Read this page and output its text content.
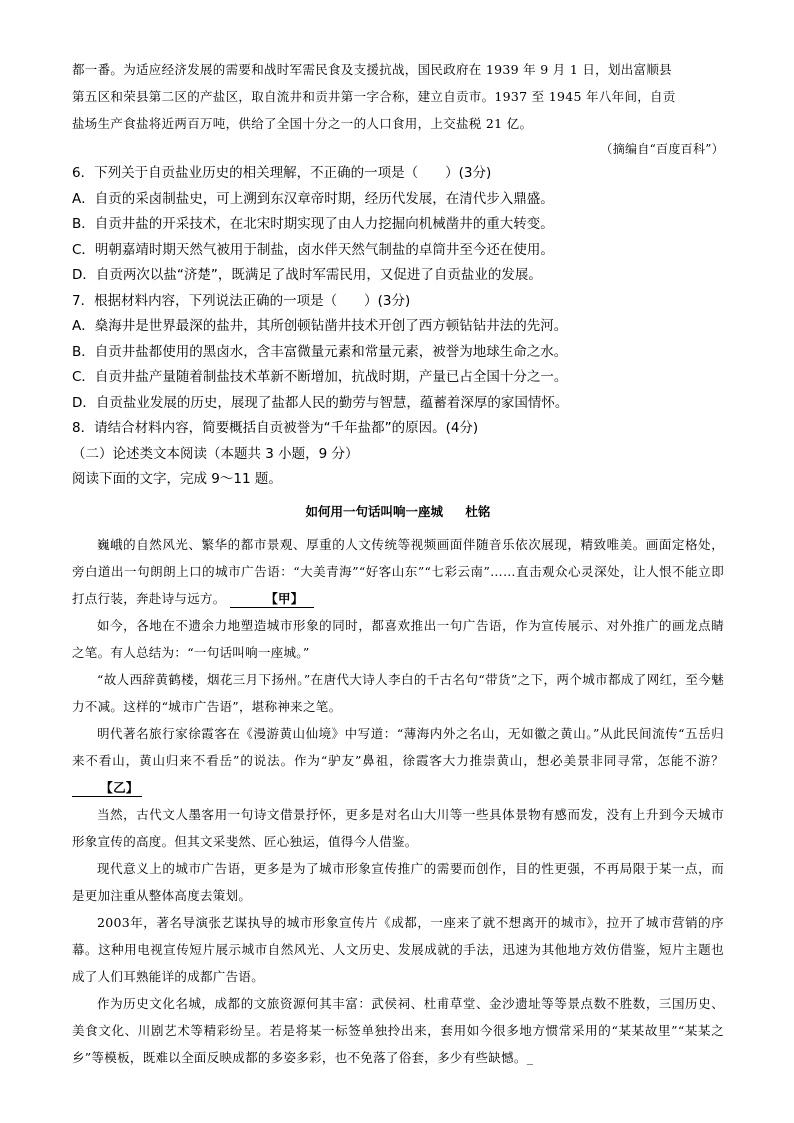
都一番。为适应经济发展的需要和战时军需民食及支援抗战，国民政府在 1939 年 9 月 1 日，划出富顺县

第五区和荣县第二区的产盐区，取自流井和贡井第一字合称，建立自贡市。1937 至 1945 年八年间，自贡

盐场生产食盐将近两百万吨，供给了全国十分之一的人口食用，上交盐税 21 亿。

（摘编自“百度百科”）

6．下列关于自贡盐业历史的相关理解，不正确的一项是（　　）(3分)

A．自贡的采卤制盐史，可上溯到东汉章帝时期，经历代发展，在清代步入鼎盛。

B．自贡井盐的开采技术，在北宋时期实现了由人力挖掘向机械凿井的重大转变。

C．明朝嘉靖时期天然气被用于制盐，卤水伴天然气制盐的卓筒井至今还在使用。

D．自贡两次以盐“济楚”，既满足了战时军需民用，又促进了自贡盐业的发展。

7．根据材料内容，下列说法正确的一项是（　　）(3分)

A．燊海井是世界最深的盐井，其所创顿钻凿井技术开创了西方顿钻钻井法的先河。

B．自贡井盐都使用的黑卤水，含丰富微量元素和常量元素，被誉为地球生命之水。

C．自贡井盐产量随着制盐技术革新不断增加，抗战时期，产量已占全国十分之一。

D．自贡盐业发展的历史，展现了盐都人民的勤劳与智慧，蕴蓄着深厚的家国情怀。

8．请结合材料内容，简要概括自贡被誉为“千年盐都”的原因。(4分)

（二）论述类文本阅读（本题共 3 小题，9 分）

阅读下面的文字，完成 9～11 题。

如何用一句话叫响一座城 杜铭

巍峨的自然风光、繁华的都市景观、厚重的人文传统等视频画面伴随音乐依次展现，精致唯美。画面定格处，旁白道出一句朗朗上口的城市广告语：“大美青海”“好客山东”“七彩云南”……直击观众心灵深处，让人恨不能立即打点行装，奔赴诗与远方。	【甲】

如今，各地在不遗余力地塑造城市形象的同时，都喜欢推出一句广告语，作为宣传展示、对外推广的画龙点睛之笔。有人总结为：“一句话叫响一座城。”

“故人西辞黄鹤楼，烟花三月下扬州。”在唐代大诗人李白的千古名句“带货”之下，两个城市都成了网红，至今魅力不减。这样的“城市广告语”，堪称神来之笔。

明代著名旅行家徐霞客在《漫游黄山仙境》中写道：“薄海内外之名山，无如徽之黄山。”从此民间流传“五岳归来不看山，黄山归来不看岳”的说法。作为“驴友”鼻祖，徐霞客大力推崇黄山，想必美景非同寻常，怎能不游？ 【乙】

当然，古代文人墨客用一句诗文借景抒怀，更多是对名山大川等一些具体景物有感而发，没有上升到今天城市形象宣传的高度。但其文采斐然、匠心独运，值得今人借鉴。

现代意义上的城市广告语，更多是为了城市形象宣传推广的需要而创作，目的性更强，不再局限于某一点，而是更加注重从整体高度去策划。

2003年，著名导演张艺谋执导的城市形象宣传片《成都，一座来了就不想离开的城市》，拉开了城市营销的序幕。这种用电视宣传短片展示城市自然风光、人文历史、发展成就的手法，迅速为其他地方效仿借鉴，短片主题也成了人们耳熟能详的成都广告语。

作为历史文化名城，成都的文旅资源何其丰富：武侯祠、杜甫草堂、金沙遗址等等景点数不胜数，三国历史、美食文化、川剧艺术等精彩纷呈。若是将某一标签单独拎出来，套用如今很多地方惯常采用的“某某故里”“某某之乡”等模板，既难以全面反映成都的多姿多彩，也不免落了俗套，多少有些缺憾。_
